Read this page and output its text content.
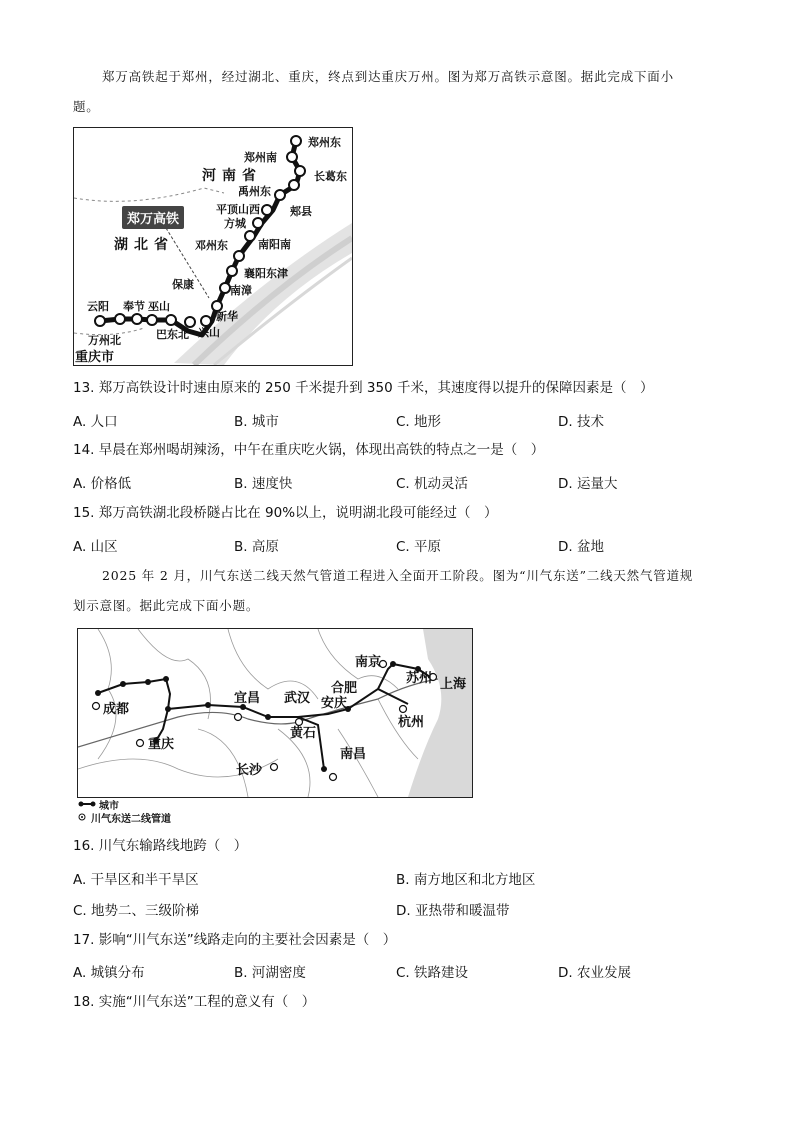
郑万高铁起于郑州，经过湖北、重庆，终点到达重庆万州。图为郑万高铁示意图。据此完成下面小
题。
郑州东
郑州南
长葛东
禹州东
郏县
平顶山西
方城
南阳南
邓州东
襄阳东津
保康	南漳
新华
兴山
巴东北
巫山
奉节
云阳
万州北
河南省
湖北省
重庆市
郑万高铁
13. 郑万高铁设计时速由原来的 250 千米提升到 350 千米，其速度得以提升的保障因素是（　）
A. 人口	B. 城市	C. 地形	D. 技术
14. 早晨在郑州喝胡辣汤，中午在重庆吃火锅，体现出高铁的特点之一是（　）
A. 价格低	B. 速度快	C. 机动灵活	D. 运量大
15. 郑万高铁湖北段桥隧占比在 90%以上，说明湖北段可能经过（　）
A. 山区	B. 高原	C. 平原	D. 盆地
2025 年 2 月，川气东送二线天然气管道工程进入全面开工阶段。图为“川气东送”二线天然气管道规
划示意图。据此完成下面小题。
南京
苏州 上海
合肥
宜昌 武汉 安庆
成都
杭州
重庆
黄石
南昌
长沙
城市
川气东送二线管道
16. 川气东输路线地跨（　）
A. 干旱区和半干旱区	B. 南方地区和北方地区
C. 地势二、三级阶梯	D. 亚热带和暖温带
17. 影响“川气东送”线路走向的主要社会因素是（　）
A. 城镇分布	B. 河湖密度	C. 铁路建设	D. 农业发展
18. 实施“川气东送”工程的意义有（　）
